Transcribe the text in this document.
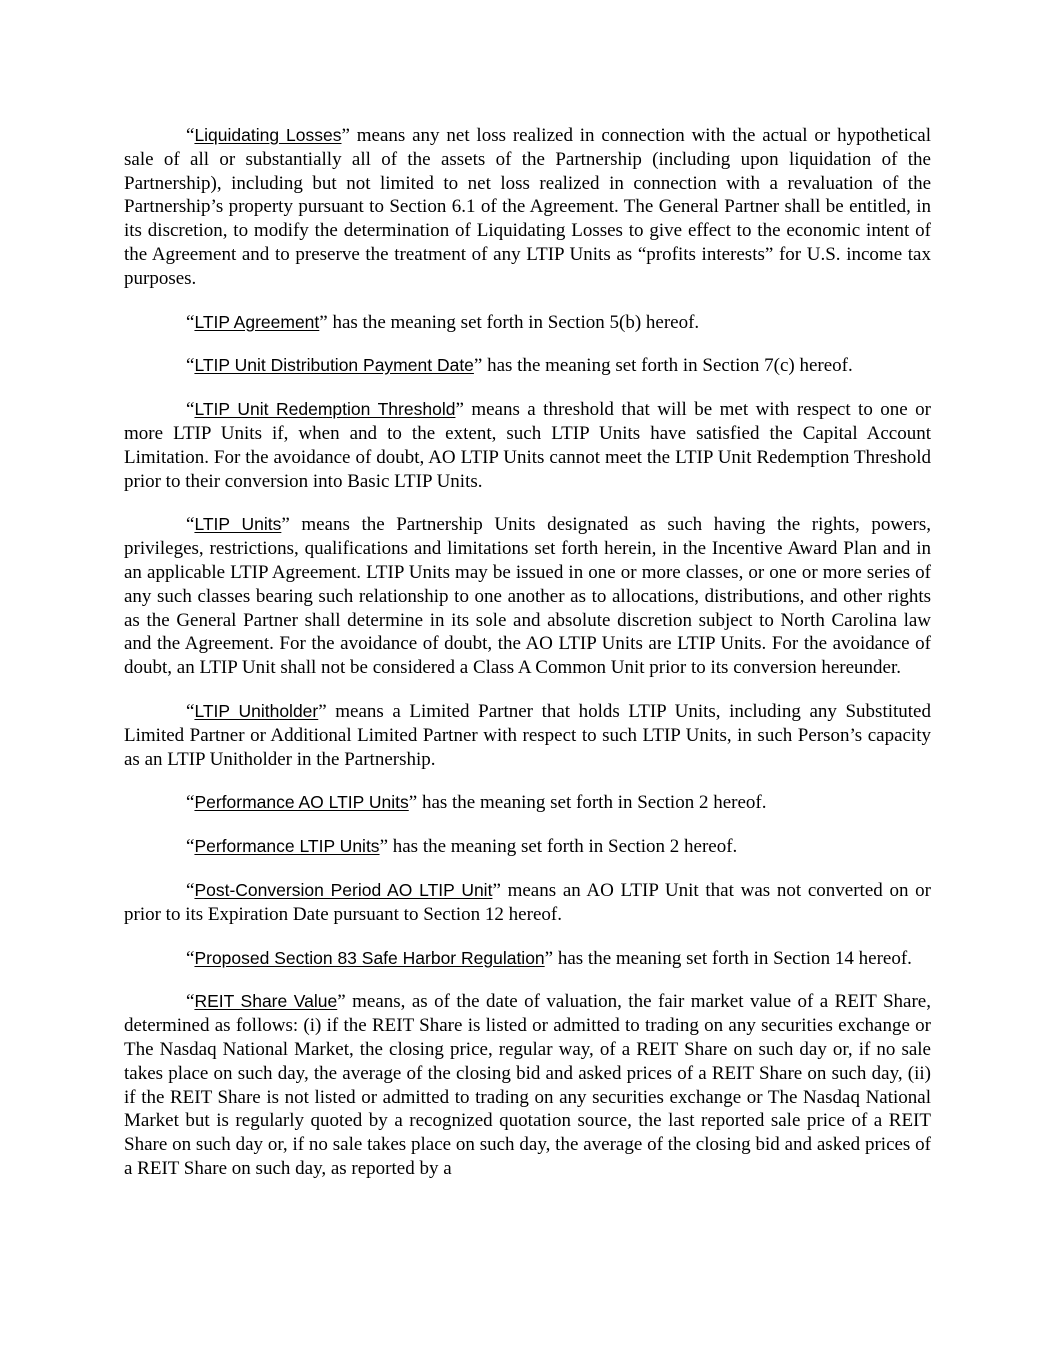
“Liquidating Losses” means any net loss realized in connection with the actual or hypothetical sale of all or substantially all of the assets of the Partnership (including upon liquidation of the Partnership), including but not limited to net loss realized in connection with a revaluation of the Partnership’s property pursuant to Section 6.1 of the Agreement. The General Partner shall be entitled, in its discretion, to modify the determination of Liquidating Losses to give effect to the economic intent of the Agreement and to preserve the treatment of any LTIP Units as “profits interests” for U.S. income tax purposes.

“LTIP Agreement” has the meaning set forth in Section 5(b) hereof.

“LTIP Unit Distribution Payment Date” has the meaning set forth in Section 7(c) hereof.

“LTIP Unit Redemption Threshold” means a threshold that will be met with respect to one or more LTIP Units if, when and to the extent, such LTIP Units have satisfied the Capital Account Limitation. For the avoidance of doubt, AO LTIP Units cannot meet the LTIP Unit Redemption Threshold prior to their conversion into Basic LTIP Units.

“LTIP Units” means the Partnership Units designated as such having the rights, powers, privileges, restrictions, qualifications and limitations set forth herein, in the Incentive Award Plan and in an applicable LTIP Agreement. LTIP Units may be issued in one or more classes, or one or more series of any such classes bearing such relationship to one another as to allocations, distributions, and other rights as the General Partner shall determine in its sole and absolute discretion subject to North Carolina law and the Agreement. For the avoidance of doubt, the AO LTIP Units are LTIP Units. For the avoidance of doubt, an LTIP Unit shall not be considered a Class A Common Unit prior to its conversion hereunder.

“LTIP Unitholder” means a Limited Partner that holds LTIP Units, including any Substituted Limited Partner or Additional Limited Partner with respect to such LTIP Units, in such Person’s capacity as an LTIP Unitholder in the Partnership.

“Performance AO LTIP Units” has the meaning set forth in Section 2 hereof.

“Performance LTIP Units” has the meaning set forth in Section 2 hereof.

“Post-Conversion Period AO LTIP Unit” means an AO LTIP Unit that was not converted on or prior to its Expiration Date pursuant to Section 12 hereof.

“Proposed Section 83 Safe Harbor Regulation” has the meaning set forth in Section 14 hereof.

“REIT Share Value” means, as of the date of valuation, the fair market value of a REIT Share, determined as follows: (i) if the REIT Share is listed or admitted to trading on any securities exchange or The Nasdaq National Market, the closing price, regular way, of a REIT Share on such day or, if no sale takes place on such day, the average of the closing bid and asked prices of a REIT Share on such day, (ii) if the REIT Share is not listed or admitted to trading on any securities exchange or The Nasdaq National Market but is regularly quoted by a recognized quotation source, the last reported sale price of a REIT Share on such day or, if no sale takes place on such day, the average of the closing bid and asked prices of a REIT Share on such day, as reported by a
